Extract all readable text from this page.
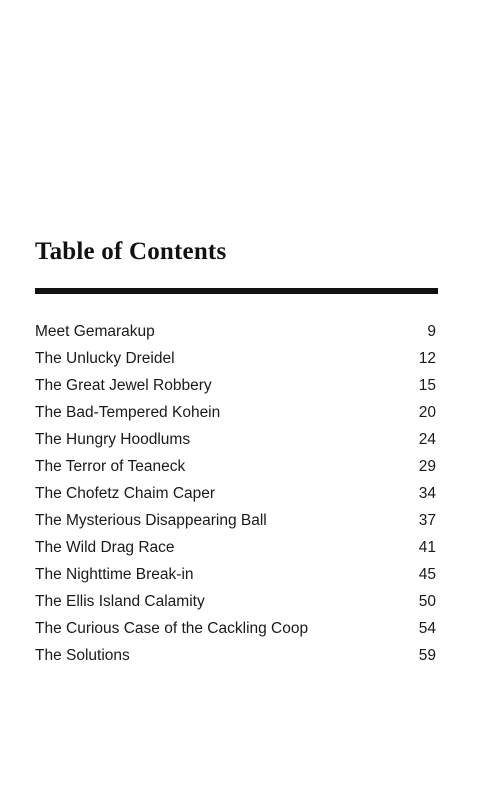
Table of Contents
Meet Gemarakup	9
The Unlucky Dreidel	12
The Great Jewel Robbery	15
The Bad-Tempered Kohein	20
The Hungry Hoodlums	24
The Terror of Teaneck	29
The Chofetz Chaim Caper	34
The Mysterious Disappearing Ball	37
The Wild Drag Race	41
The Nighttime Break-in	45
The Ellis Island Calamity	50
The Curious Case of the Cackling Coop	54
The Solutions	59
